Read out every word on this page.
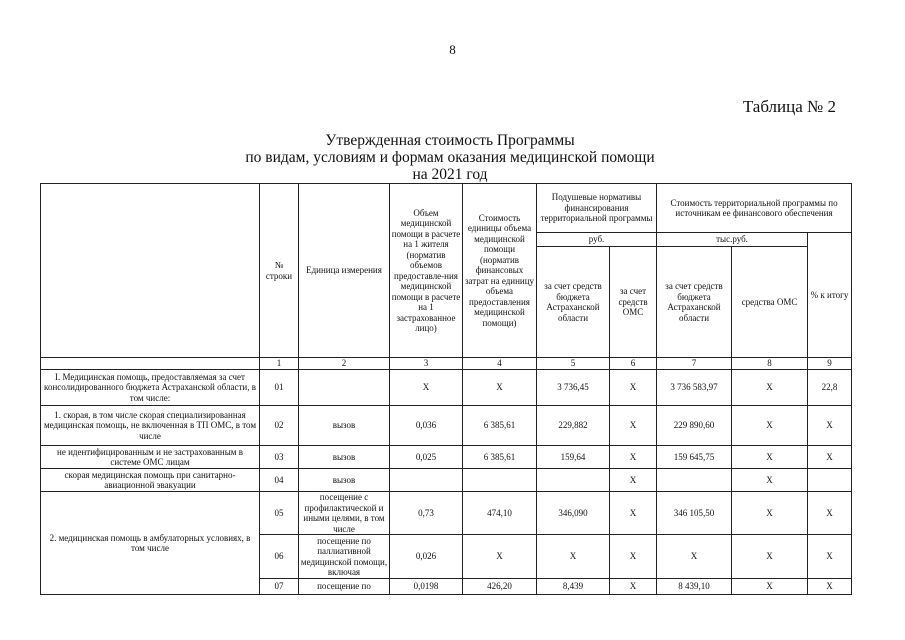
8
Таблица № 2
Утвержденная стоимость Программы
по видам, условиям и формам оказания медицинской помощи
на 2021 год
	№ строки	Единица измерения	Объем медицинской помощи в расчете на 1 жителя (норматив объемов предоставле-ния медицинской помощи в расчете на 1 застрахованное лицо)	Стоимость единицы объема медицинской помощи (норматив финансовых затрат на единицу объема предоставления медицинской помощи)	Подушевые нормативы финансирования территориальной программы		Стоимость территориальной программы по источникам ее финансового обеспечения		
					руб.		тыс.руб.		% к итогу
					за счет средств бюджета Астраханской области	за счет средств ОМС	за счет средств бюджета Астраханской области	средства ОМС	
	1	2	3	4	5	6	7	8	9
I. Медицинская помощь, предоставляемая за счет консолидированного бюджета Астраханской области, в том числе:	01		X	X	3 736,45	X	3 736 583,97	X	22,8
1. скорая, в том числе скорая специализированная медицинская помощь, не включенная в ТП ОМС, в том числе	02	вызов	0,036	6 385,61	229,882	X	229 890,60	X	X
не идентифицированным и не застрахованным в системе ОМС лицам	03	вызов	0,025	6 385,61	159,64	X	159 645,75	X	X
скорая медицинская помощь при санитарно-авиационной эвакуации	04	вызов				X		X	
2. медицинская помощь в амбулаторных условиях, в том числе	05	посещение с профилактической и иными целями, в том числе	0,73	474,10	346,090	X	346 105,50	X	X
	06	посещение по паллиативной медицинской помощи, включая	0,026	X	X	X	X	X	X
	07	посещение по	0,0198	426,20	8,439	X	8 439,10	X	X
